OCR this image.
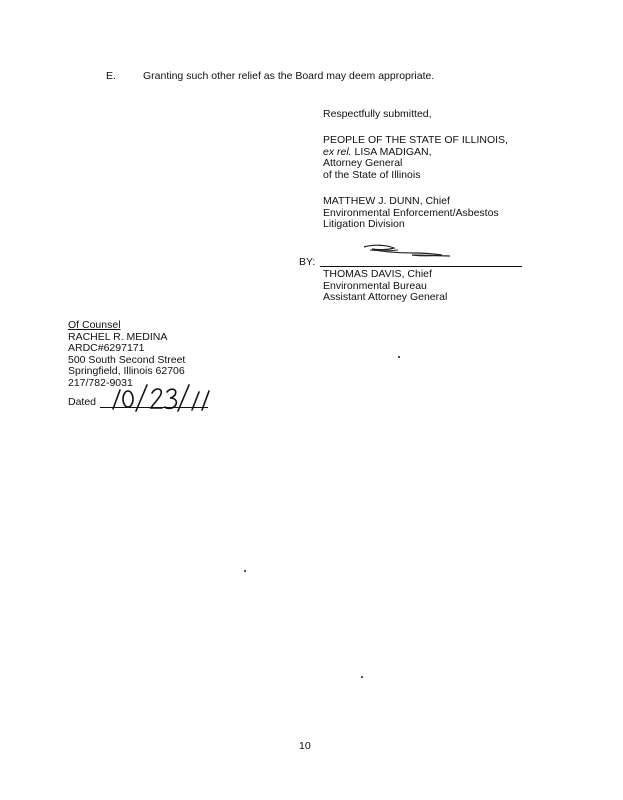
E.	Granting such other relief as the Board may deem appropriate.
Respectfully submitted,
PEOPLE OF THE STATE OF ILLINOIS,
ex rel. LISA MADIGAN,
Attorney General
of the State of Illinois
MATTHEW J. DUNN, Chief
Environmental Enforcement/Asbestos
Litigation Division
BY:
THOMAS DAVIS, Chief
Environmental Bureau
Assistant Attorney General
Of Counsel
RACHEL R. MEDINA
ARDC#6297171
500 South Second Street
Springfield, Illinois 62706
217/782-9031
Dated
10
